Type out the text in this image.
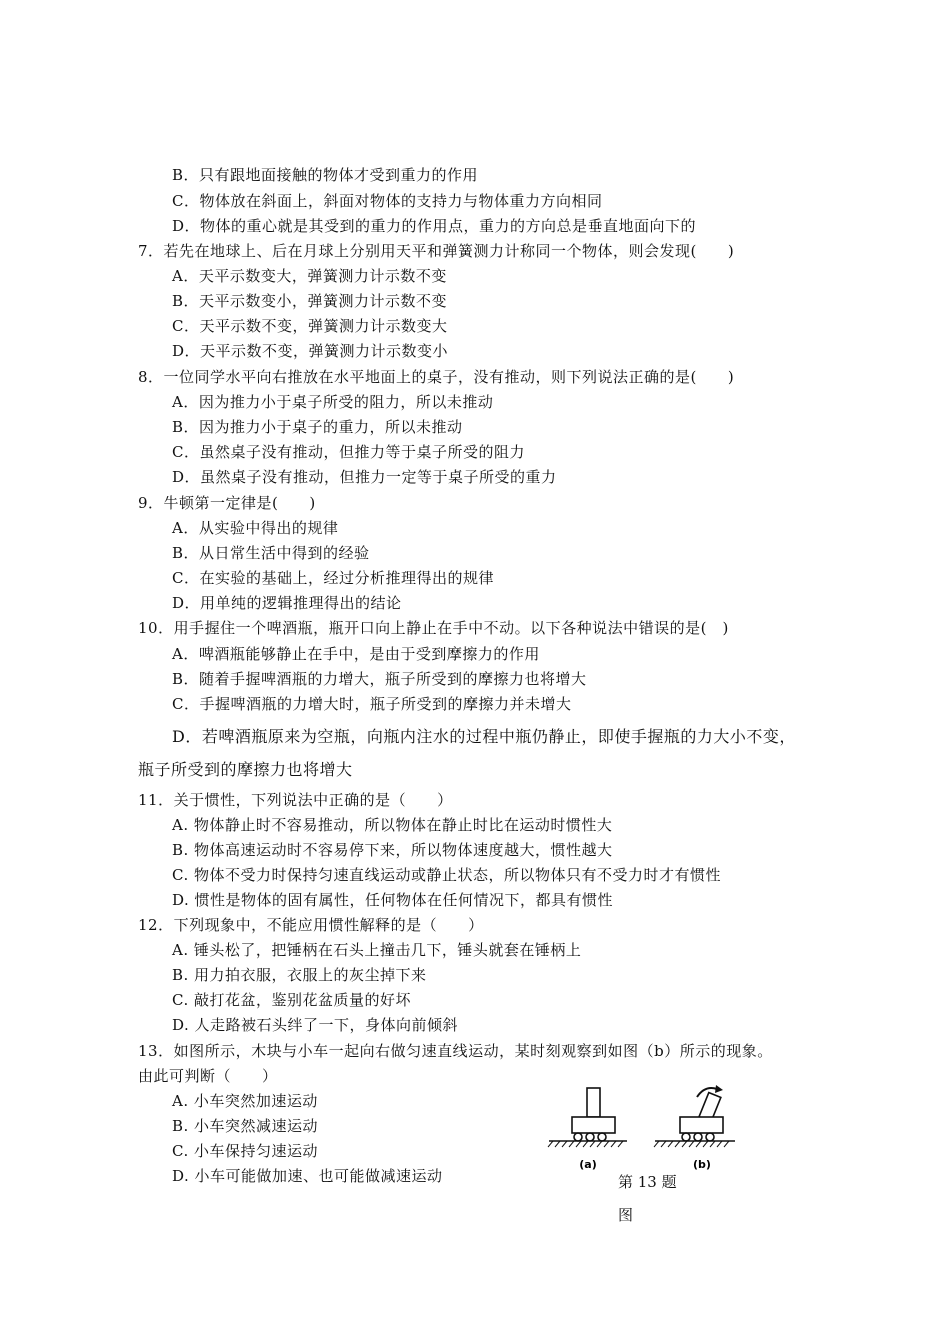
B．只有跟地面接触的物体才受到重力的作用
C．物体放在斜面上，斜面对物体的支持力与物体重力方向相同
D．物体的重心就是其受到的重力的作用点，重力的方向总是垂直地面向下的
7．若先在地球上、后在月球上分别用天平和弹簧测力计称同一个物体，则会发现(　　)
A．天平示数变大，弹簧测力计示数不变
B．天平示数变小，弹簧测力计示数不变
C．天平示数不变，弹簧测力计示数变大
D．天平示数不变，弹簧测力计示数变小
8．一位同学水平向右推放在水平地面上的桌子，没有推动，则下列说法正确的是(　　)
A．因为推力小于桌子所受的阻力，所以未推动
B．因为推力小于桌子的重力，所以未推动
C．虽然桌子没有推动，但推力等于桌子所受的阻力
D．虽然桌子没有推动，但推力一定等于桌子所受的重力
9．牛顿第一定律是(　　)
A．从实验中得出的规律
B．从日常生活中得到的经验
C．在实验的基础上，经过分析推理得出的规律
D．用单纯的逻辑推理得出的结论
10．用手握住一个啤酒瓶，瓶开口向上静止在手中不动。以下各种说法中错误的是(　)
A．啤酒瓶能够静止在手中，是由于受到摩擦力的作用
B．随着手握啤酒瓶的力增大，瓶子所受到的摩擦力也将增大
C．手握啤酒瓶的力增大时，瓶子所受到的摩擦力并未增大
D．若啤酒瓶原来为空瓶，向瓶内注水的过程中瓶仍静止，即使手握瓶的力大小不变，
瓶子所受到的摩擦力也将增大
11．关于惯性，下列说法中正确的是（　　）
A. 物体静止时不容易推动，所以物体在静止时比在运动时惯性大
B. 物体高速运动时不容易停下来，所以物体速度越大，惯性越大
C. 物体不受力时保持匀速直线运动或静止状态，所以物体只有不受力时才有惯性
D. 惯性是物体的固有属性，任何物体在任何情况下，都具有惯性
12．下列现象中，不能应用惯性解释的是（　　）
A. 锤头松了，把锤柄在石头上撞击几下，锤头就套在锤柄上
B. 用力拍衣服，衣服上的灰尘掉下来
C. 敲打花盆，鉴别花盆质量的好坏
D. 人走路被石头绊了一下，身体向前倾斜
13．如图所示，木块与小车一起向右做匀速直线运动，某时刻观察到如图（b）所示的现象。
由此可判断（　　）
A. 小车突然加速运动
B. 小车突然减速运动
C. 小车保持匀速运动
D. 小车可能做加速、也可能做减速运动
(a)	(b)
第 13 题
图
